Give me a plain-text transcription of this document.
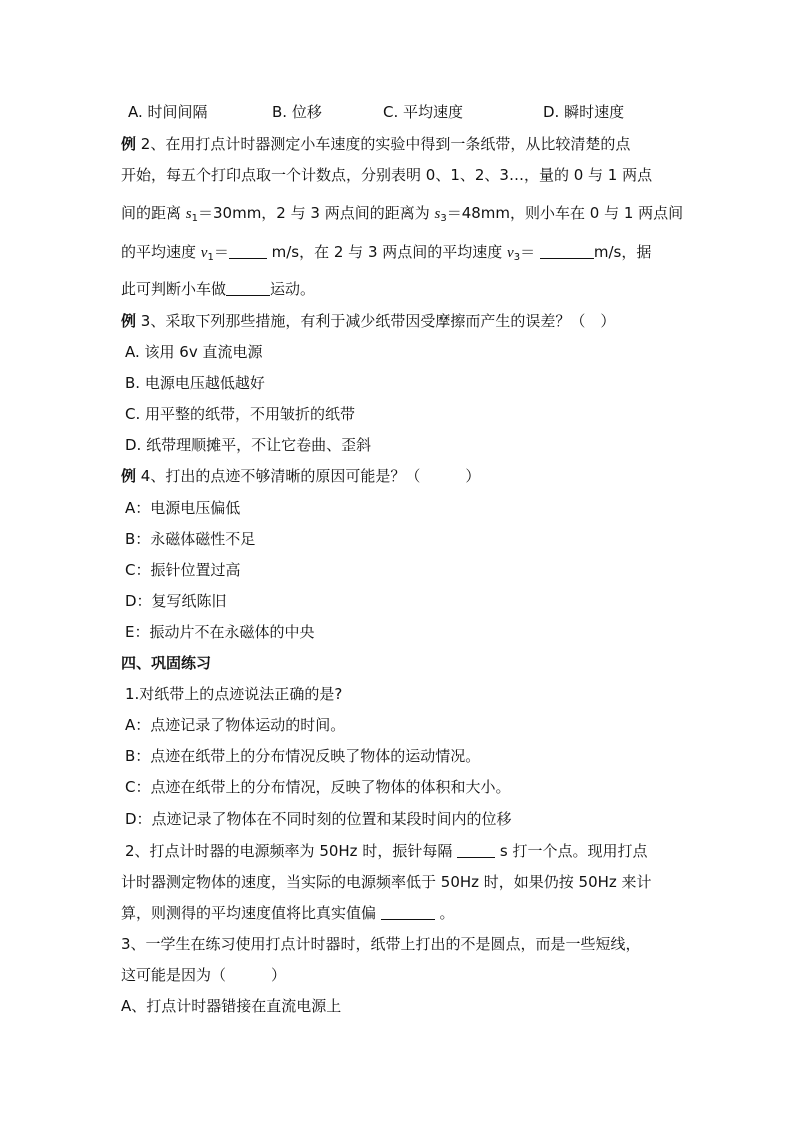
A. 时间间隔	B. 位移	C. 平均速度	D. 瞬时速度
例 2、在用打点计时器测定小车速度的实验中得到一条纸带，从比较清楚的点
开始，每五个打印点取一个计数点，分别表明 0、1、2、3…，量的 0 与 1 两点
间的距离 $s_1=30mm$，2 与 3 两点间的距离为 $s_3=48mm$，则小车在 0 与 1 两点间
的平均速度 $v_1=$	m/s，在 2 与 3 两点间的平均速度 $v_3=$	m/s，据
此可判断小车做	运动。
例 3、采取下列那些措施，有利于减少纸带因受摩擦而产生的误差？（　）
A. 该用 6v 直流电源
B. 电源电压越低越好
C. 用平整的纸带，不用皱折的纸带
D. 纸带理顺摊平，不让它卷曲、歪斜
例 4、打出的点迹不够清晰的原因可能是？（　　　）
A：电源电压偏低
B：永磁体磁性不足
C：振针位置过高
D：复写纸陈旧
E：振动片不在永磁体的中央
四、巩固练习
1.对纸带上的点迹说法正确的是?
A：点迹记录了物体运动的时间。
B：点迹在纸带上的分布情况反映了物体的运动情况。
C：点迹在纸带上的分布情况，反映了物体的体积和大小。
D：点迹记录了物体在不同时刻的位置和某段时间内的位移
2、打点计时器的电源频率为 50Hz 时，振针每隔	s 打一个点。现用打点
计时器测定物体的速度，当实际的电源频率低于 50Hz 时，如果仍按 50Hz 来计
算，则测得的平均速度值将比真实值偏	。
3、一学生在练习使用打点计时器时，纸带上打出的不是圆点，而是一些短线，
这可能是因为（　　　）
A、打点计时器错接在直流电源上
